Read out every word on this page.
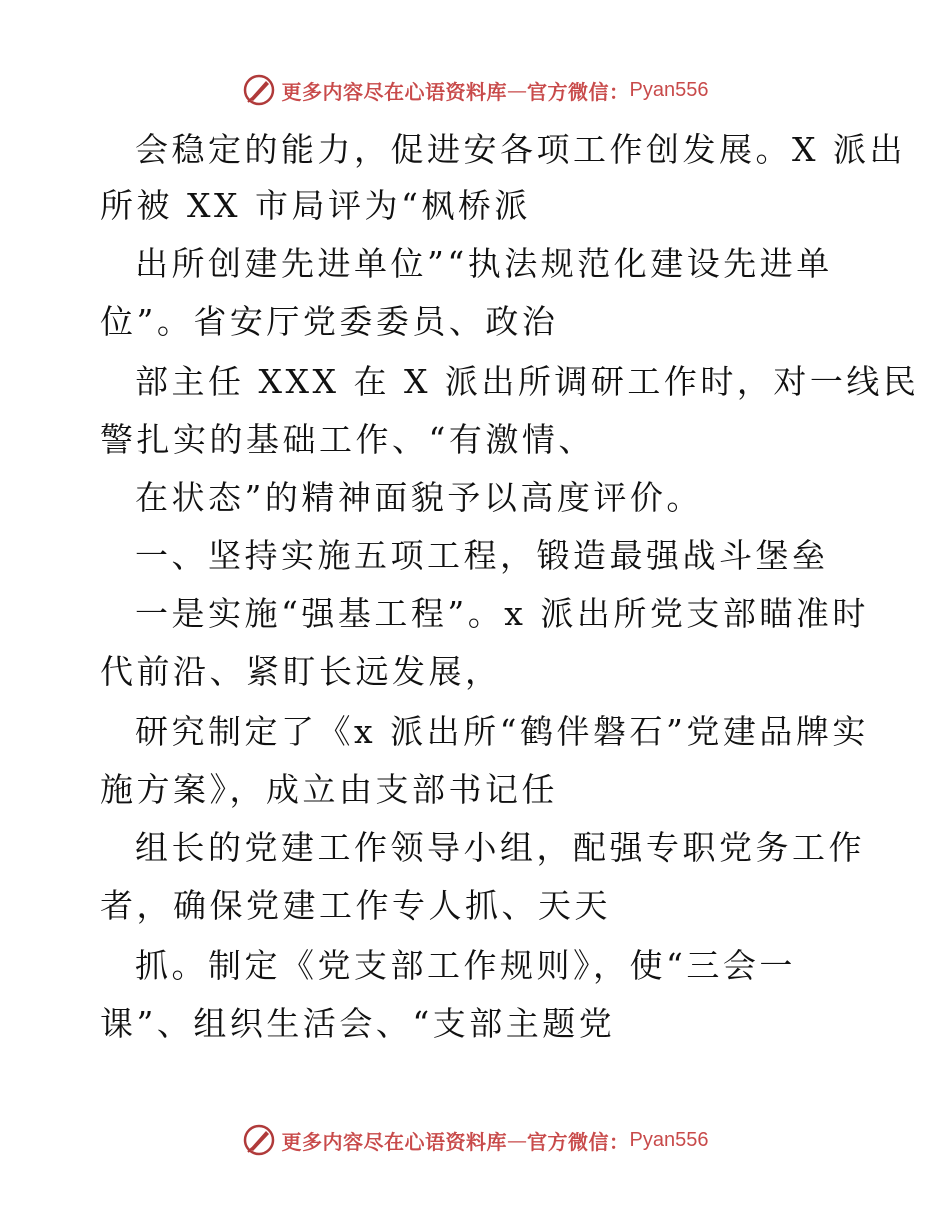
更多内容尽在心语资料库 — 官方微信： Pyan556
会稳定的能力，促进安各项工作创发展。X 派出
所被 XX 市局评为“枫桥派
出所创建先进单位”“执法规范化建设先进单
位”。省安厅党委委员、政治
部主任 XXX 在 X 派出所调研工作时，对一线民
警扎实的基础工作、“有激情、
在状态”的精神面貌予以高度评价。
一、坚持实施五项工程，锻造最强战斗堡垒
一是实施“强基工程”。x 派出所党支部瞄准时
代前沿、紧盯长远发展，
研究制定了《x 派出所“鹤伴磐石”党建品牌实
施方案》，成立由支部书记任
组长的党建工作领导小组，配强专职党务工作
者，确保党建工作专人抓、天天
抓。制定《党支部工作规则》，使“三会一
课”、组织生活会、“支部主题党
更多内容尽在心语资料库 — 官方微信： Pyan556
